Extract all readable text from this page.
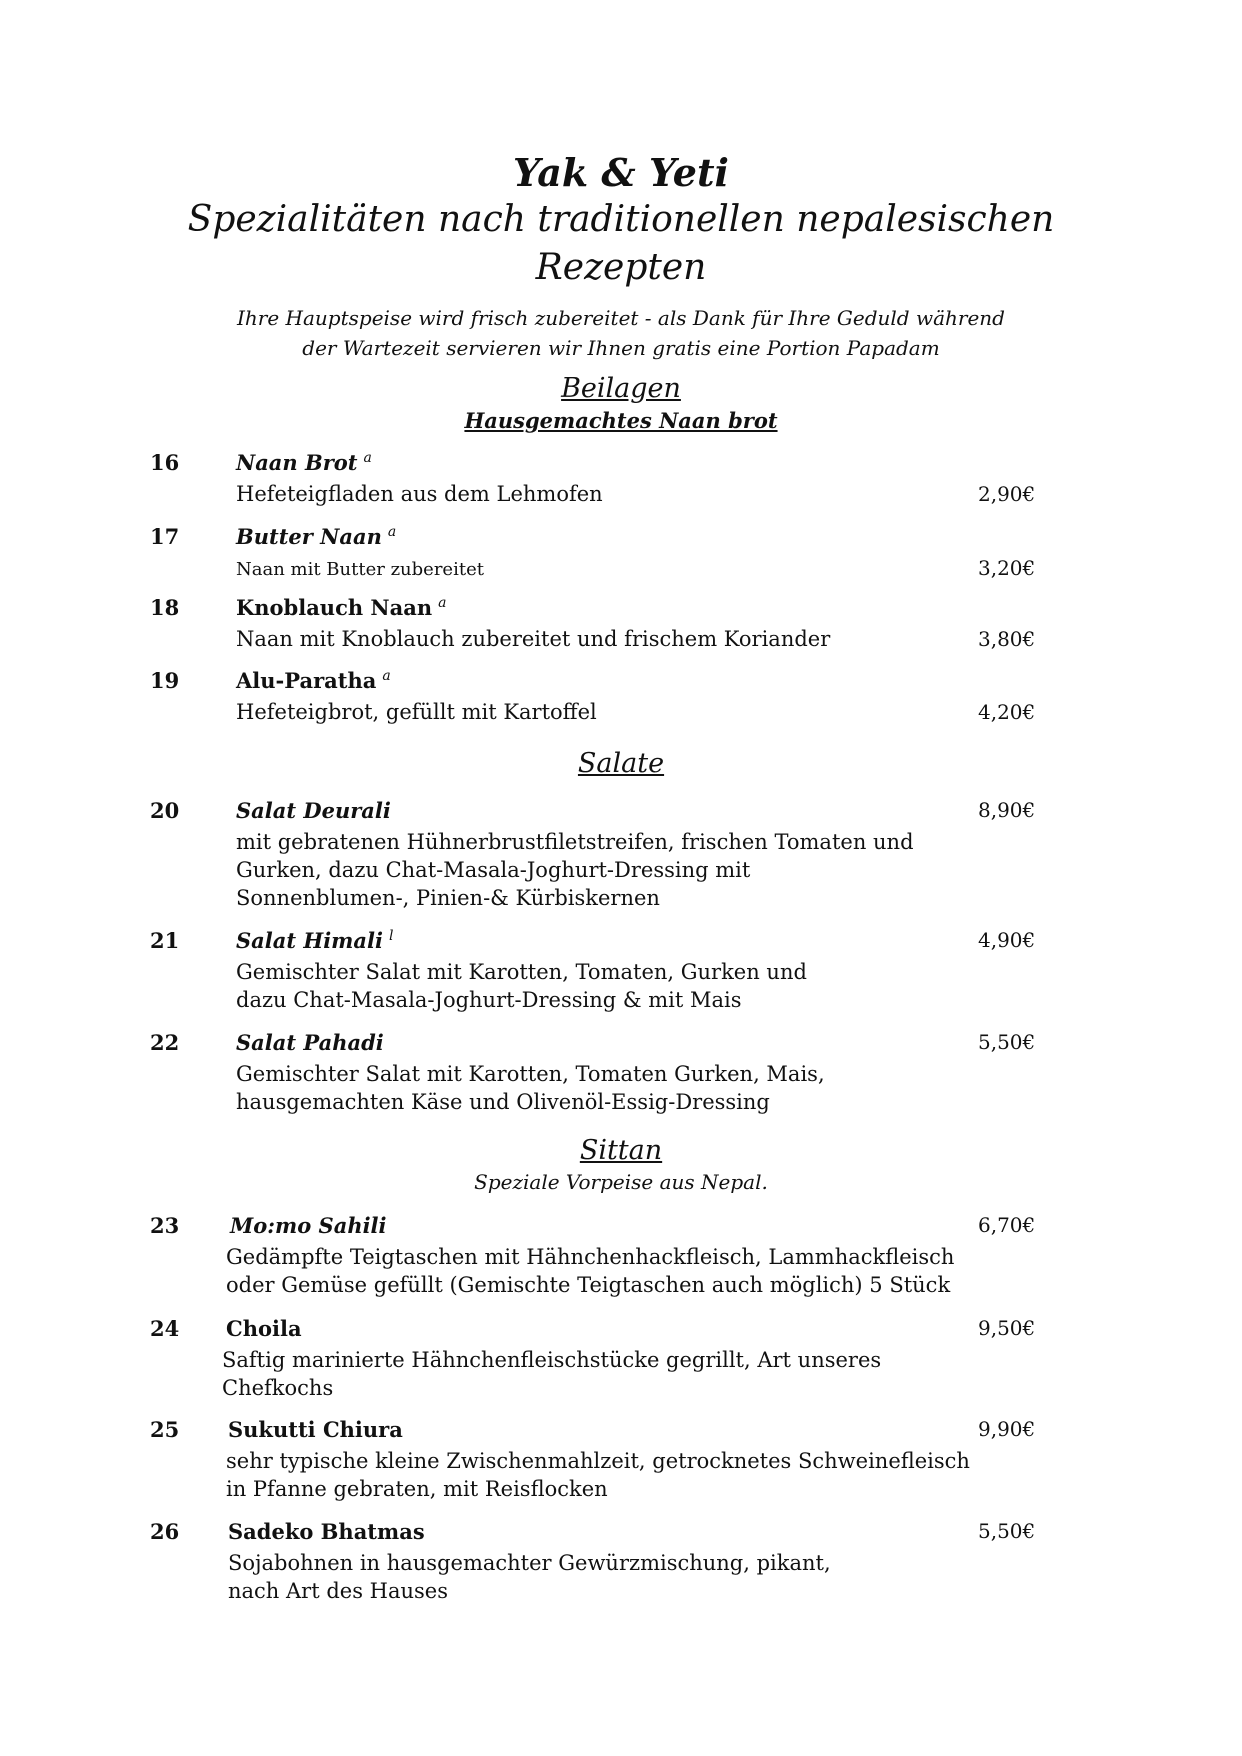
Yak & Yeti
Spezialitäten nach traditionellen nepalesischen
Rezepten
Ihre Hauptspeise wird frisch zubereitet - als Dank für Ihre Geduld während
der Wartezeit servieren wir Ihnen gratis eine Portion Papadam
Beilagen
Hausgemachtes Naan brot
16	Naan Brot $^a$
Hefeteigfladen aus dem Lehmofen	2,90€
17	Butter Naan $^a$
Naan mit Butter zubereitet	3,20€
18	Knoblauch Naan $^a$
Naan mit Knoblauch zubereitet und frischem Koriander	3,80€
19	Alu-Paratha $^a$
Hefeteigbrot, gefüllt mit Kartoffel	4,20€
Salate
20	Salat Deurali
mit gebratenen Hühnerbrustfiletstreifen, frischen Tomaten und
Gurken, dazu Chat-Masala-Joghurt-Dressing mit
Sonnenblumen-, Pinien-& Kürbiskernen
8,90€
21	Salat Himali $^l$
Gemischter Salat mit Karotten, Tomaten, Gurken und
dazu Chat-Masala-Joghurt-Dressing & mit Mais
4,90€
22	Salat Pahadi
Gemischter Salat mit Karotten, Tomaten Gurken, Mais,
hausgemachten Käse und Olivenöl-Essig-Dressing
5,50€
Sittan
Speziale Vorpeise aus Nepal.
23 Mo:mo Sahili
Gedämpfte Teigtaschen mit Hähnchenhackfleisch, Lammhackfleisch
oder Gemüse gefüllt (Gemischte Teigtaschen auch möglich) 5 Stück
6,70€
24 Choila
Saftig marinierte Hähnchenfleischstücke gegrillt, Art unseres
Chefkochs
9,50€
25 Sukutti Chiura
sehr typische kleine Zwischenmahlzeit, getrocknetes Schweinefleisch
in Pfanne gebraten, mit Reisflocken
9,90€
26 Sadeko Bhatmas
Sojabohnen in hausgemachter Gewürzmischung, pikant,
nach Art des Hauses
5,50€
